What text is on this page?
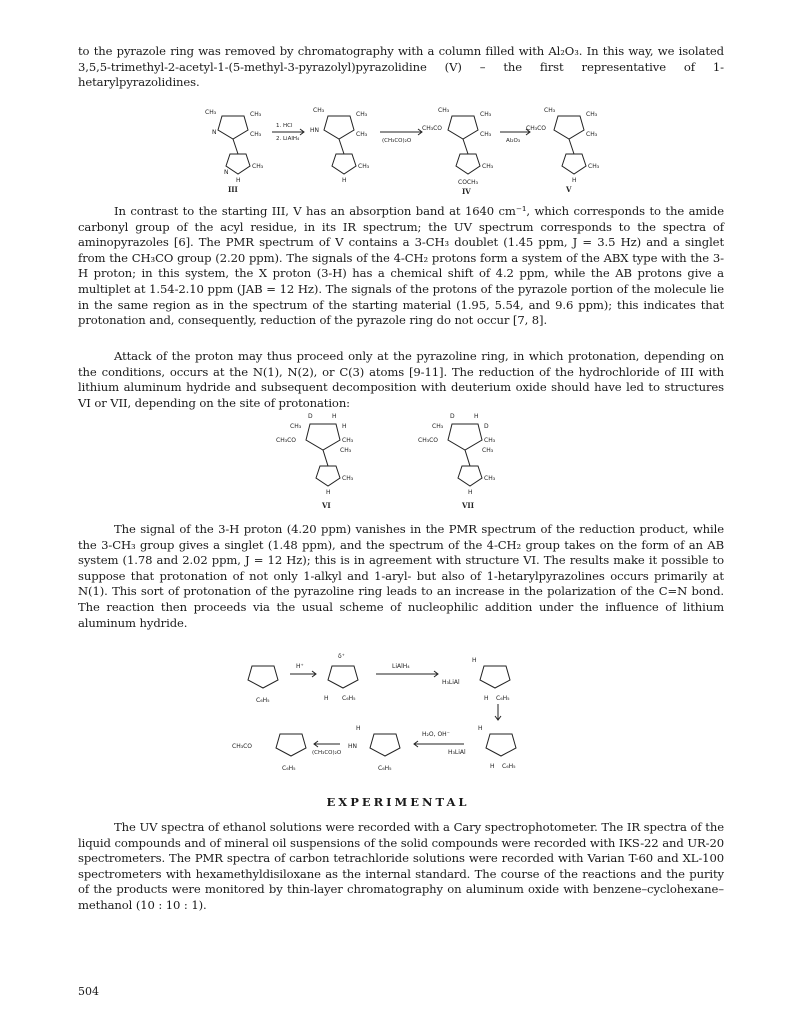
to the pyrazole ring was removed by chromatography with a column filled with Al₂O₃. In this way, we isolated 3,5,5-trimethyl-2-acetyl-1-(5-methyl-3-pyrazolyl)pyrazolidine (V) – the first representative of 1-hetarylpyrazolidines.

CH₃	CH₃
CH₃
N
CH₃
N
H
III
1. HCl
2. LiAlH₄
CH₃
CH₃
CH₃
HN
CH₃
H
(CH₃CO)₂O
CH₃
CH₃
CH₃
CH₃CO
CH₃
COCH₃
IV
Al₂O₃
CH₃
CH₃
CH₃
CH₃CO
CH₃
H
V

In contrast to the starting III, V has an absorption band at 1640 cm⁻¹, which corresponds to the amide carbonyl group of the acyl residue, in its IR spectrum; the UV spectrum corresponds to the spectra of aminopyrazoles [6]. The PMR spectrum of V contains a 3-CH₃ doublet (1.45 ppm, J = 3.5 Hz) and a singlet from the CH₃CO group (2.20 ppm). The signals of the 4-CH₂ protons form a system of the ABX type with the 3-H proton; in this system, the X proton (3-H) has a chemical shift of 4.2 ppm, while the AB protons give a multiplet at 1.54-2.10 ppm (JAB = 12 Hz). The signals of the protons of the pyrazole portion of the molecule lie in the same region as in the spectrum of the starting material (1.95, 5.54, and 9.6 ppm); this indicates that protonation and, consequently, reduction of the pyrazole ring do not occur [7, 8].

Attack of the proton may thus proceed only at the pyrazoline ring, in which protonation, depending on the conditions, occurs at the N(1), N(2), or C(3) atoms [9-11]. The reduction of the hydrochloride of III with lithium aluminum hydride and subsequent decomposition with deuterium oxide should have led to structures VI or VII, depending on the site of protonation:

D	H
CH₃	H
CH₃
CH₃
CH₃CO
CH₃
H
VI
D	H
CH₃	D
CH₃
CH₃
CH₃CO
CH₃
H
VII

The signal of the 3-H proton (4.20 ppm) vanishes in the PMR spectrum of the reduction product, while the 3-CH₃ group gives a singlet (1.48 ppm), and the spectrum of the 4-CH₂ group takes on the form of an AB system (1.78 and 2.02 ppm, J = 12 Hz); this is in agreement with structure VI. The results make it possible to suppose that protonation of not only 1-alkyl and 1-aryl- but also of 1-hetarylpyrazolines occurs primarily at N(1). This sort of protonation of the pyrazoline ring leads to an increase in the polarization of the C=N bond. The reaction then proceeds via the usual scheme of nucleophilic addition under the influence of lithium aluminum hydride.

C₆H₅
H⁺
δ⁺
H C₆H₅
LiAlH₄
H
H₃LiAl
H C₆H₅
CH₃CO
C₆H₅
(CH₃CO)₂O
H
HN
C₆H₅
H₂O, OH⁻
H
H₃LiAl
H C₆H₅
EXPERIMENTAL

The UV spectra of ethanol solutions were recorded with a Cary spectrophotometer. The IR spectra of the liquid compounds and of mineral oil suspensions of the solid compounds were recorded with IKS-22 and UR-20 spectrometers. The PMR spectra of carbon tetrachloride solutions were recorded with Varian T-60 and XL-100 spectrometers with hexamethyldisiloxane as the internal standard. The course of the reactions and the purity of the products were monitored by thin-layer chromatography on aluminum oxide with benzene–cyclohexane–methanol (10 : 10 : 1).

504
